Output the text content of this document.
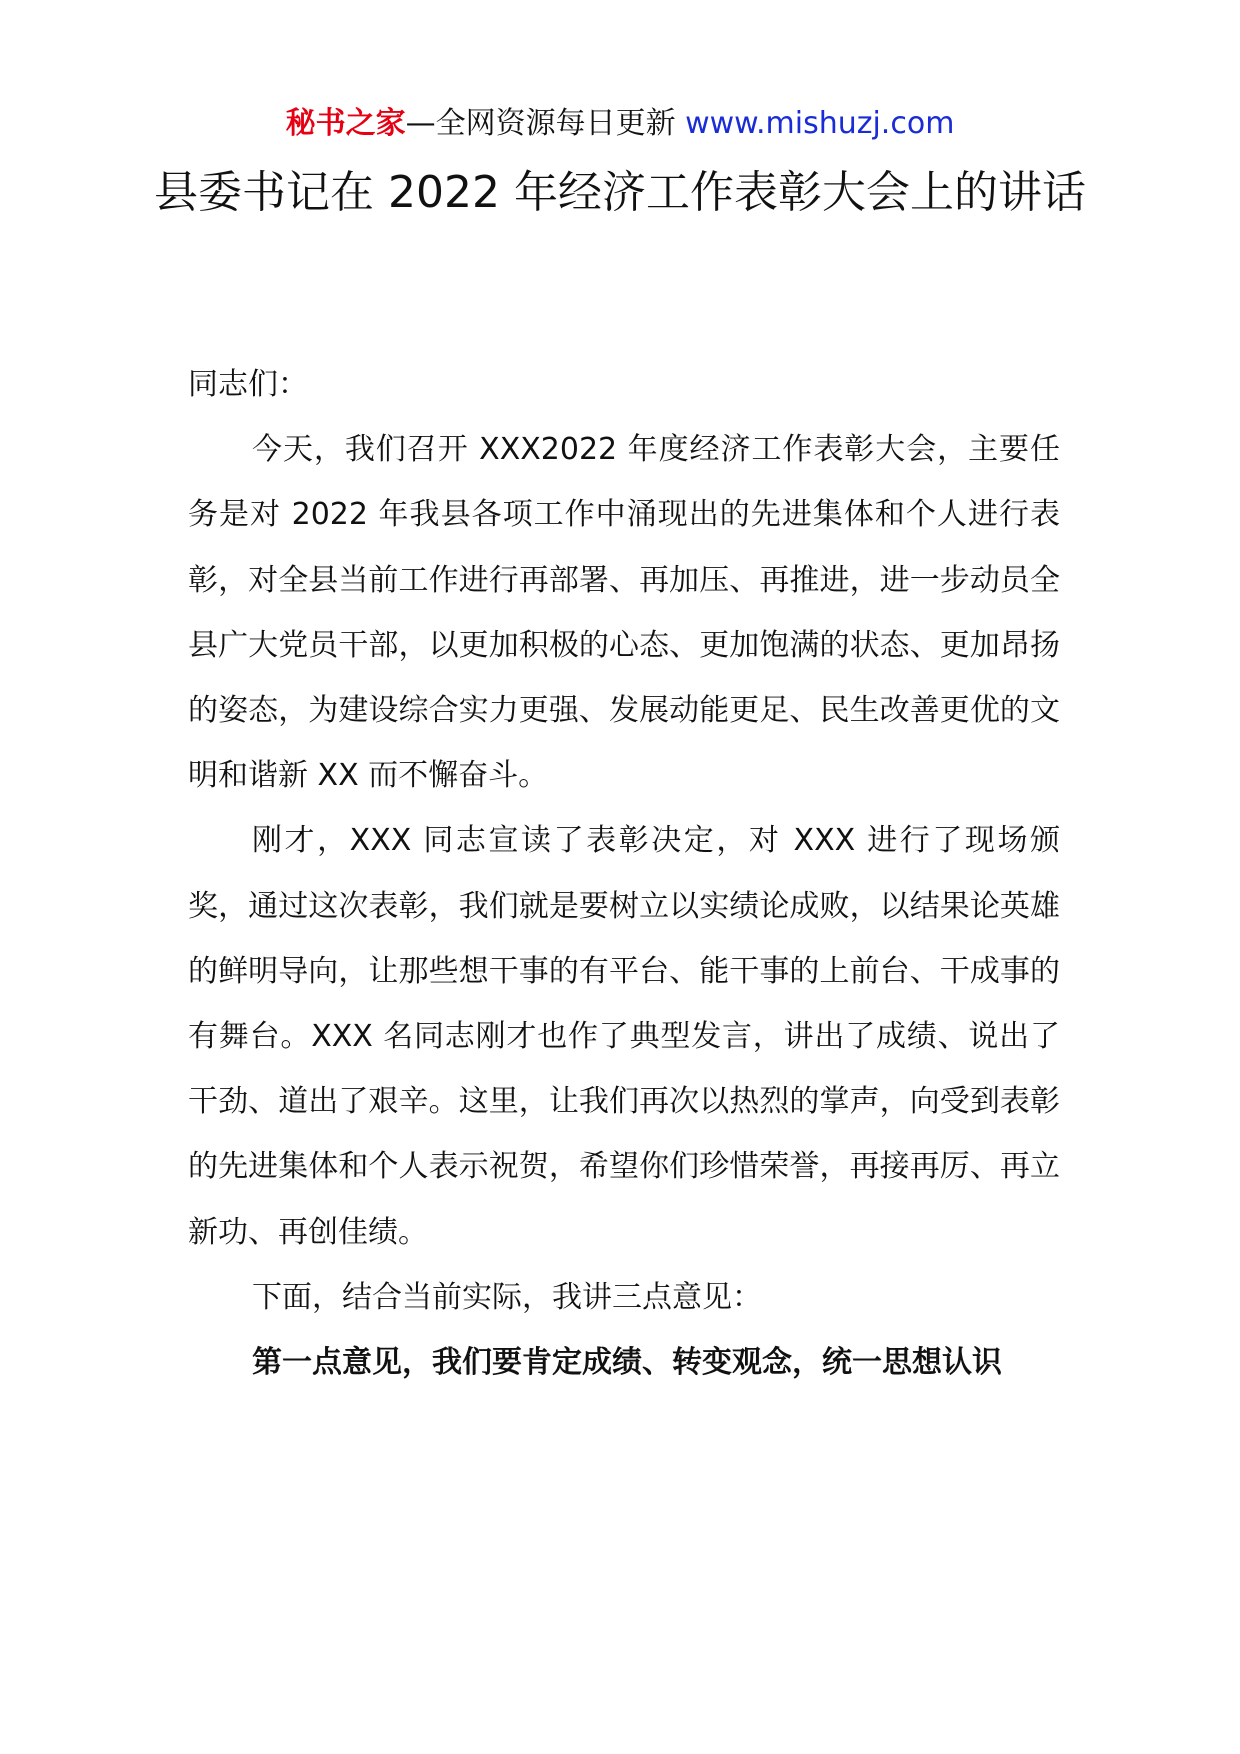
秘书之家—全网资源每日更新 www.mishuzj.com
县委书记在 2022 年经济工作表彰大会上的讲话

同志们：

今天，我们召开 XXX2022 年度经济工作表彰大会，主要任务是对 2022 年我县各项工作中涌现出的先进集体和个人进行表彰，对全县当前工作进行再部署、再加压、再推进，进一步动员全县广大党员干部，以更加积极的心态、更加饱满的状态、更加昂扬的姿态，为建设综合实力更强、发展动能更足、民生改善更优的文明和谐新 XX 而不懈奋斗。

刚才，XXX 同志宣读了表彰决定，对 XXX 进行了现场颁奖，通过这次表彰，我们就是要树立以实绩论成败，以结果论英雄的鲜明导向，让那些想干事的有平台、能干事的上前台、干成事的有舞台。XXX 名同志刚才也作了典型发言，讲出了成绩、说出了干劲、道出了艰辛。这里，让我们再次以热烈的掌声，向受到表彰的先进集体和个人表示祝贺，希望你们珍惜荣誉，再接再厉、再立新功、再创佳绩。

下面，结合当前实际，我讲三点意见：

第一点意见，我们要肯定成绩、转变观念，统一思想认识
